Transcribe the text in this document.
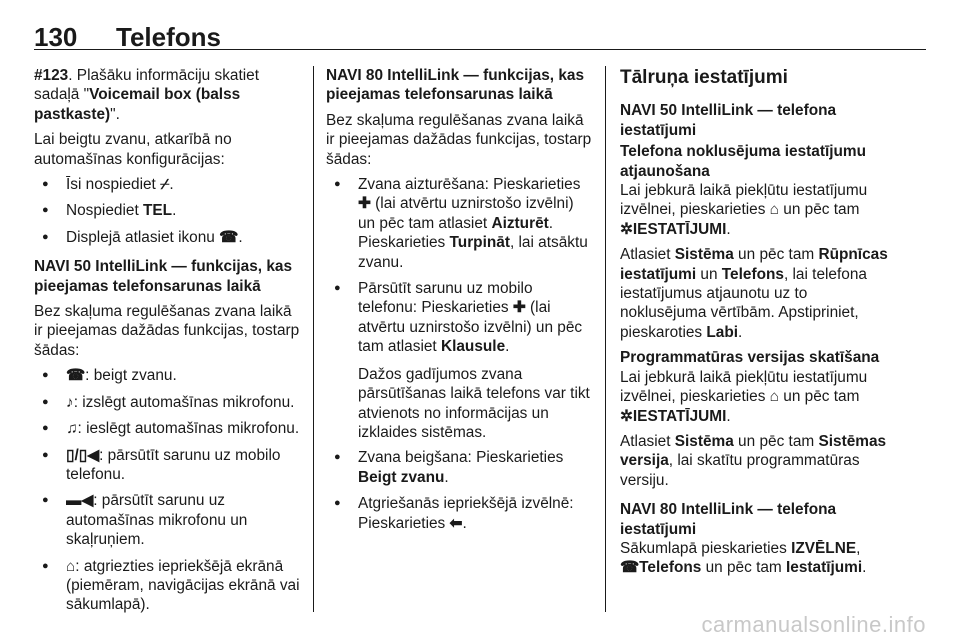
130 Telefons

#123. Plašāku informāciju skatiet sadaļā "Voicemail box (balss pastkaste)".

Lai beigtu zvanu, atkarībā no automašīnas konfigurācijas:

● Īsi nospiediet ⌿.
● Nospiediet TEL.
● Displejā atlasiet ikonu ☎.

NAVI 50 IntelliLink — funkcijas, kas pieejamas telefonsarunas laikā

Bez skaļuma regulēšanas zvana laikā ir pieejamas dažādas funkcijas, tostarp šādas:

● ☎: beigt zvanu.
● ♪: izslēgt automašīnas mikrofonu.
● ♫: ieslēgt automašīnas mikrofonu.
● ▯/▯◀: pārsūtīt sarunu uz mobilo telefonu.
● ▬◀: pārsūtīt sarunu uz automašīnas mikrofonu un skaļruņiem.
● ⌂: atgriezties iepriekšējā ekrānā (piemēram, navigācijas ekrānā vai sākumlapā).

NAVI 80 IntelliLink — funkcijas, kas pieejamas telefonsarunas laikā

Bez skaļuma regulēšanas zvana laikā ir pieejamas dažādas funkcijas, tostarp šādas:

● Zvana aizturēšana: Pieskarieties ✚ (lai atvērtu uznirstošo izvēlni) un pēc tam atlasiet Aizturēt. Pieskarieties Turpināt, lai atsāktu zvanu.
● Pārsūtīt sarunu uz mobilo telefonu: Pieskarieties ✚ (lai atvērtu uznirstošo izvēlni) un pēc tam atlasiet Klausule.

Dažos gadījumos zvana pārsūtīšanas laikā telefons var tikt atvienots no informācijas un izklaides sistēmas.

● Zvana beigšana: Pieskarieties Beigt zvanu.
● Atgriešanās iepriekšējā izvēlnē: Pieskarieties ⬅.
Tālruņa iestatījumi

NAVI 50 IntelliLink — telefona iestatījumi

Telefona noklusējuma iestatījumu atjaunošana

Lai jebkurā laikā piekļūtu iestatījumu izvēlnei, pieskarieties ⌂ un pēc tam ✲IESTATĪJUMI.

Atlasiet Sistēma un pēc tam Rūpnīcas iestatījumi un Telefons, lai telefona iestatījumus atjaunotu uz to noklusējuma vērtībām. Apstipriniet, pieskaroties Labi.

Programmatūras versijas skatīšana

Lai jebkurā laikā piekļūtu iestatījumu izvēlnei, pieskarieties ⌂ un pēc tam ✲IESTATĪJUMI.

Atlasiet Sistēma un pēc tam Sistēmas versija, lai skatītu programmatūras versiju.

NAVI 80 IntelliLink — telefona iestatījumi

Sākumlapā pieskarieties IZVĒLNE,
☎Telefons un pēc tam Iestatījumi.

carmanualsonline.info
